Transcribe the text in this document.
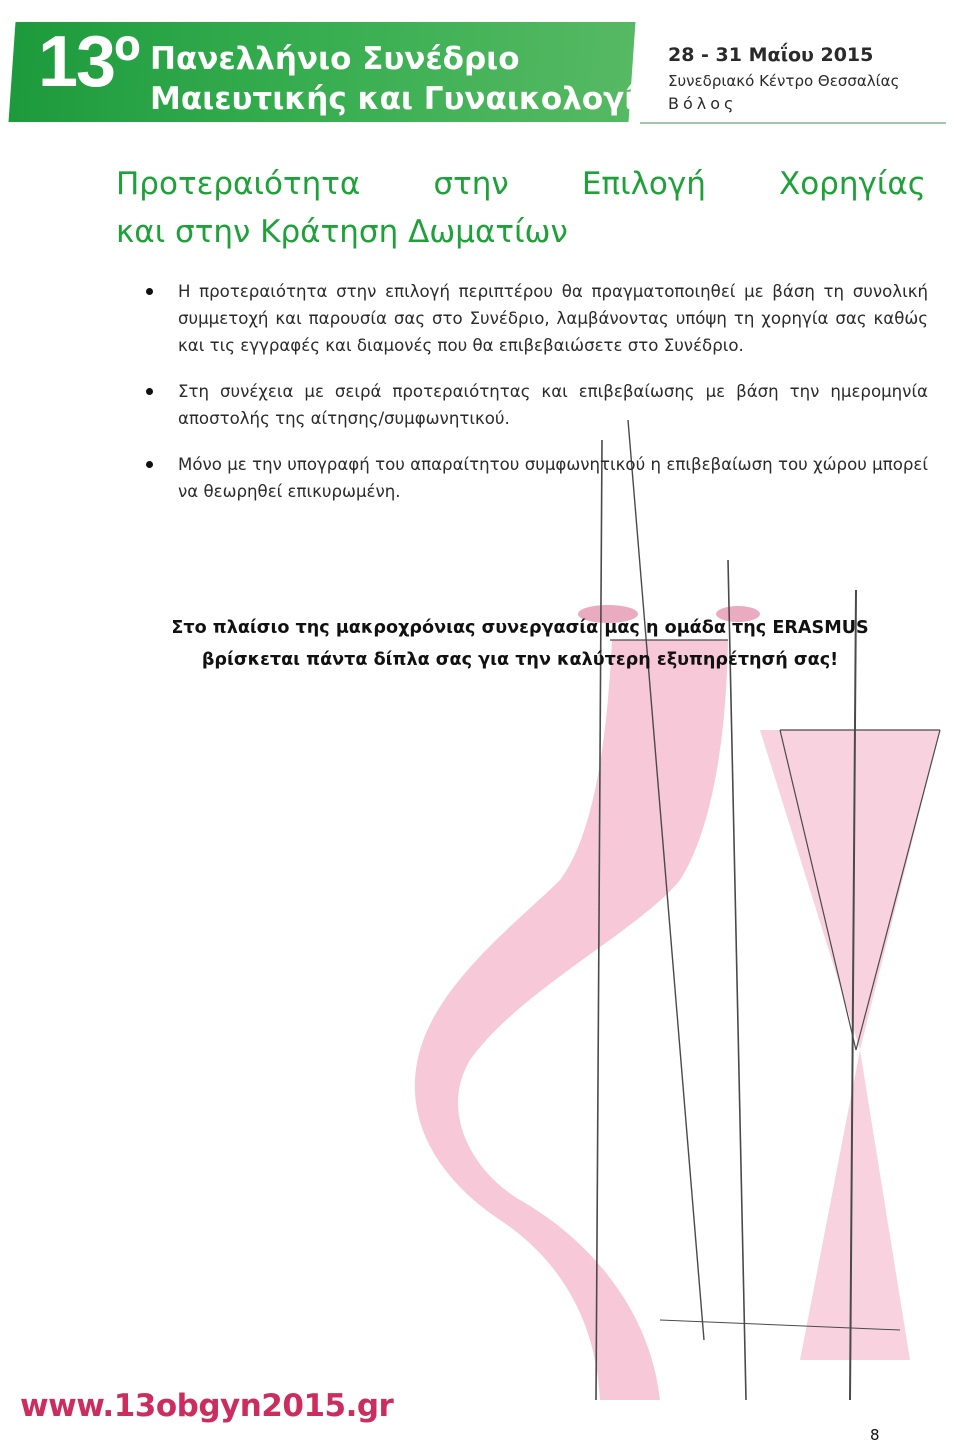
13º Πανελλήνιο Συνέδριο
Μαιευτικής και Γυναικολογίας
28 - 31 Μαΐου 2015
Συνεδριακό Κέντρο Θεσσαλίας
Βόλος
Προτεραιότητα στην Επιλογή Χορηγίας
και στην Κράτηση Δωματίων
Η προτεραιότητα στην επιλογή περιπτέρου θα πραγματοποιηθεί με βάση τη συνολική συμμετοχή και παρουσία σας στο Συνέδριο, λαμβάνοντας υπόψη τη χορηγία σας καθώς και τις εγγραφές και διαμονές που θα επιβεβαιώσετε στο Συνέδριο.
Στη συνέχεια με σειρά προτεραιότητας και επιβεβαίωσης με βάση την ημερομηνία αποστολής της αίτησης/συμφωνητικού.
Μόνο με την υπογραφή του απαραίτητου συμφωνητικού η επιβεβαίωση του χώρου μπορεί να θεωρηθεί επικυρωμένη.
Στο πλαίσιο της μακροχρόνιας συνεργασία μας η ομάδα της ERASMUS
βρίσκεται πάντα δίπλα σας για την καλύτερη εξυπηρέτησή σας!
www.13obgyn2015.gr
8
